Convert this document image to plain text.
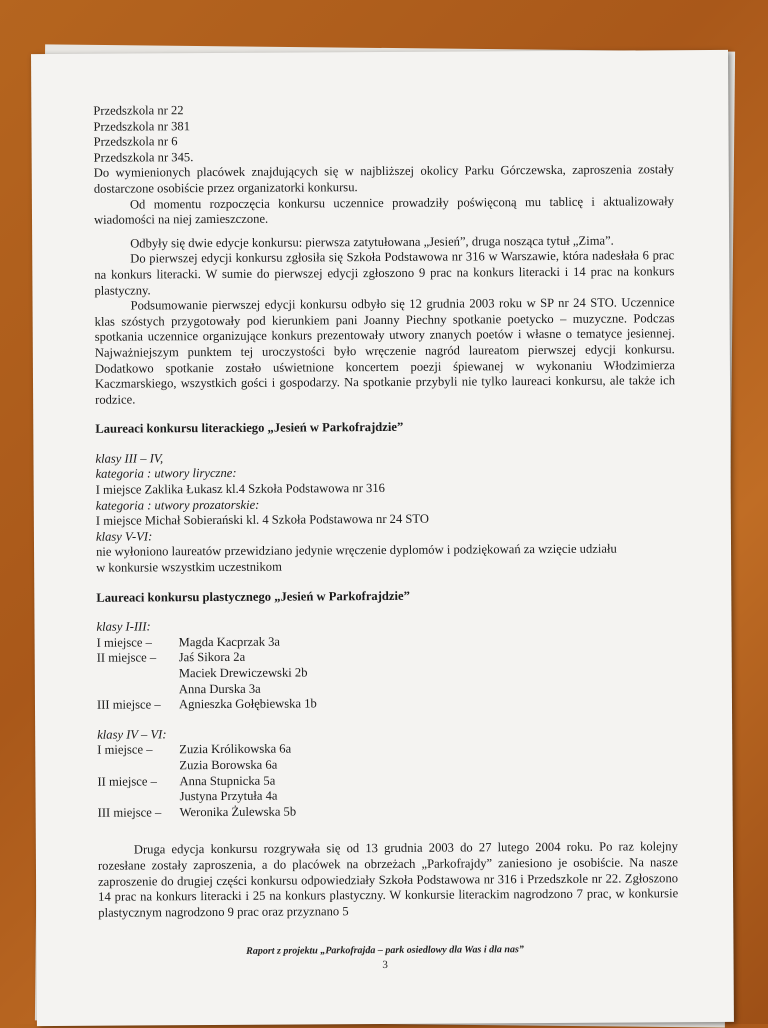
Przedszkola nr 22
Przedszkola nr 381
Przedszkola nr 6
Przedszkola nr 345.
Do wymienionych placówek znajdujących się w najbliższej okolicy Parku Górczewska, zaproszenia zostały dostarczone osobiście przez organizatorki konkursu.
Od momentu rozpoczęcia konkursu uczennice prowadziły poświęconą mu tablicę i aktualizowały wiadomości na niej zamieszczone.
Odbyły się dwie edycje konkursu: pierwsza zatytułowana „Jesień”, druga nosząca tytuł „Zima”.
Do pierwszej edycji konkursu zgłosiła się Szkoła Podstawowa nr 316 w Warszawie, która nadesłała 6 prac na konkurs literacki. W sumie do pierwszej edycji zgłoszono 9 prac na konkurs literacki i 14 prac na konkurs plastyczny.
Podsumowanie pierwszej edycji konkursu odbyło się 12 grudnia 2003 roku w SP nr 24 STO. Uczennice klas szóstych przygotowały pod kierunkiem pani Joanny Piechny spotkanie poetycko – muzyczne. Podczas spotkania uczennice organizujące konkurs prezentowały utwory znanych poetów i własne o tematyce jesiennej. Najważniejszym punktem tej uroczystości było wręczenie nagród laureatom pierwszej edycji konkursu. Dodatkowo spotkanie zostało uświetnione koncertem poezji śpiewanej w wykonaniu Włodzimierza Kaczmarskiego, wszystkich gości i gospodarzy. Na spotkanie przybyli nie tylko laureaci konkursu, ale także ich rodzice.
Laureaci konkursu literackiego „Jesień w Parkofrajdzie”
klasy III – IV,
kategoria : utwory liryczne:
I miejsce Zaklika Łukasz kl.4 Szkoła Podstawowa nr 316
kategoria : utwory prozatorskie:
I miejsce Michał Sobierański kl. 4 Szkoła Podstawowa nr 24 STO
klasy V-VI:
nie wyłoniono laureatów przewidziano jedynie wręczenie dyplomów i podziękowań za wzięcie udziału
w konkursie wszystkim uczestnikom
Laureaci konkursu plastycznego „Jesień w Parkofrajdzie”
klasy I-III:
I miejsce –	Magda Kacprzak 3a
II miejsce –	Jaś Sikora 2a
Maciek Drewiczewski 2b
Anna Durska 3a
III miejsce –	Agnieszka Gołębiewska 1b
klasy IV – VI:
I miejsce –	Zuzia Królikowska 6a
Zuzia Borowska 6a
II miejsce –	Anna Stupnicka 5a
Justyna Przytuła 4a
III miejsce –	Weronika Żulewska 5b
Druga edycja konkursu rozgrywała się od 13 grudnia 2003 do 27 lutego 2004 roku. Po raz kolejny rozesłane zostały zaproszenia, a do placówek na obrzeżach „Parkofrajdy” zaniesiono je osobiście. Na nasze zaproszenie do drugiej części konkursu odpowiedziały Szkoła Podstawowa nr 316 i Przedszkole nr 22. Zgłoszono 14 prac na konkurs literacki i 25 na konkurs plastyczny. W konkursie literackim nagrodzono 7 prac, w konkursie plastycznym nagrodzono 9 prac oraz przyznano 5
Raport z projektu „Parkofrajda – park osiedlowy dla Was i dla nas”
3
